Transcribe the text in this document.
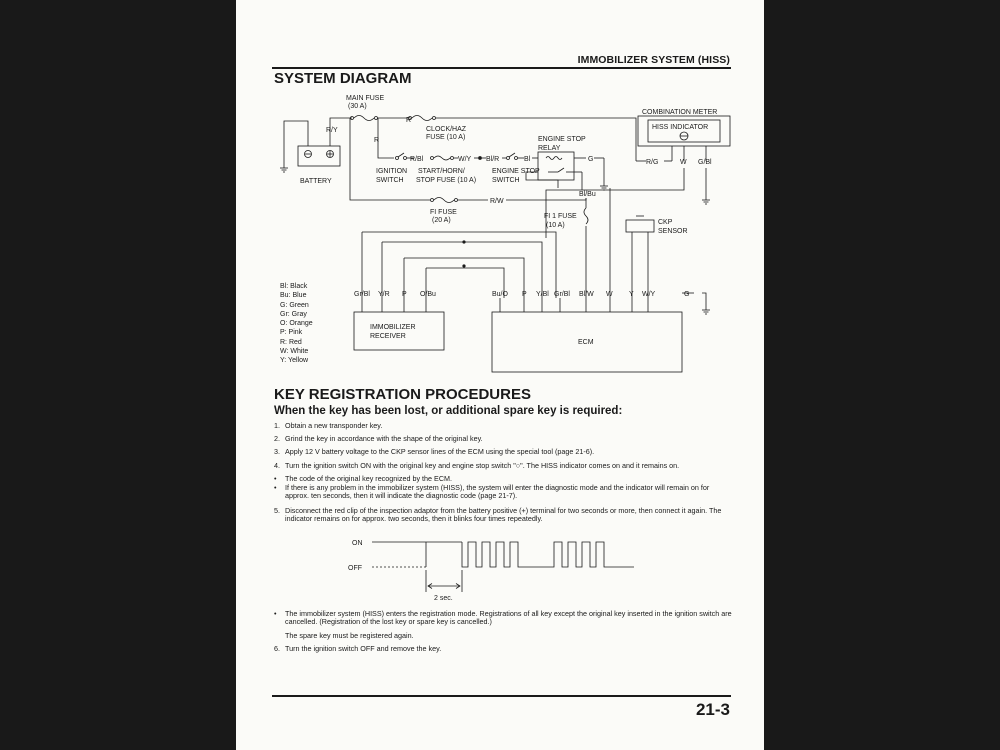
IMMOBILIZER SYSTEM (HISS)
SYSTEM DIAGRAM
MAIN FUSE
(30 A)
R/Y
R
R
CLOCK/HAZ
FUSE (10 A)
BATTERY
R/Bl	W/Y Bl/R	Bl	G
IGNITION
SWITCH
START/HORN/
STOP FUSE (10 A)
ENGINE STOP
SWITCH
ENGINE STOP
RELAY
Bl/Bu
R/W
FI FUSE
(20 A)
FI 1 FUSE
(10 A)
COMBINATION METER
HISS INDICATOR
R/G	W G/Bl
CKP
SENSOR
G
IMMOBILIZER
RECEIVER
ECM
Gr/Bl Y/R P O/Bu	Bu/O P Y/Bl Gr/Bl Bl/W W Y W/Y
Bl: Black
Bu: Blue
G: Green
Gr: Gray
O: Orange
P: Pink
R: Red
W: White
Y: Yellow
KEY REGISTRATION PROCEDURES
When the key has been lost, or additional spare key is required:
1. Obtain a new transponder key.
2. Grind the key in accordance with the shape of the original key.
3. Apply 12 V battery voltage to the CKP sensor lines of the ECM using the special tool (page 21-6).
4. Turn the ignition switch ON with the original key and engine stop switch "○". The HISS indicator comes on and it remains on.
• The code of the original key recognized by the ECM.
• If there is any problem in the immobilizer system (HISS), the system will enter the diagnostic mode and the indicator will remain on for approx. ten seconds, then it will indicate the diagnostic code (page 21-7).
5. Disconnect the red clip of the inspection adaptor from the battery positive (+) terminal for two seconds or more, then connect it again. The indicator remains on for approx. two seconds, then it blinks four times repeatedly.
ON
OFF
2 sec.
• The immobilizer system (HISS) enters the registration mode. Registrations of all key except the original key inserted in the ignition switch are cancelled. (Registration of the lost key or spare key is cancelled.)
The spare key must be registered again.
6. Turn the ignition switch OFF and remove the key.
21-3
